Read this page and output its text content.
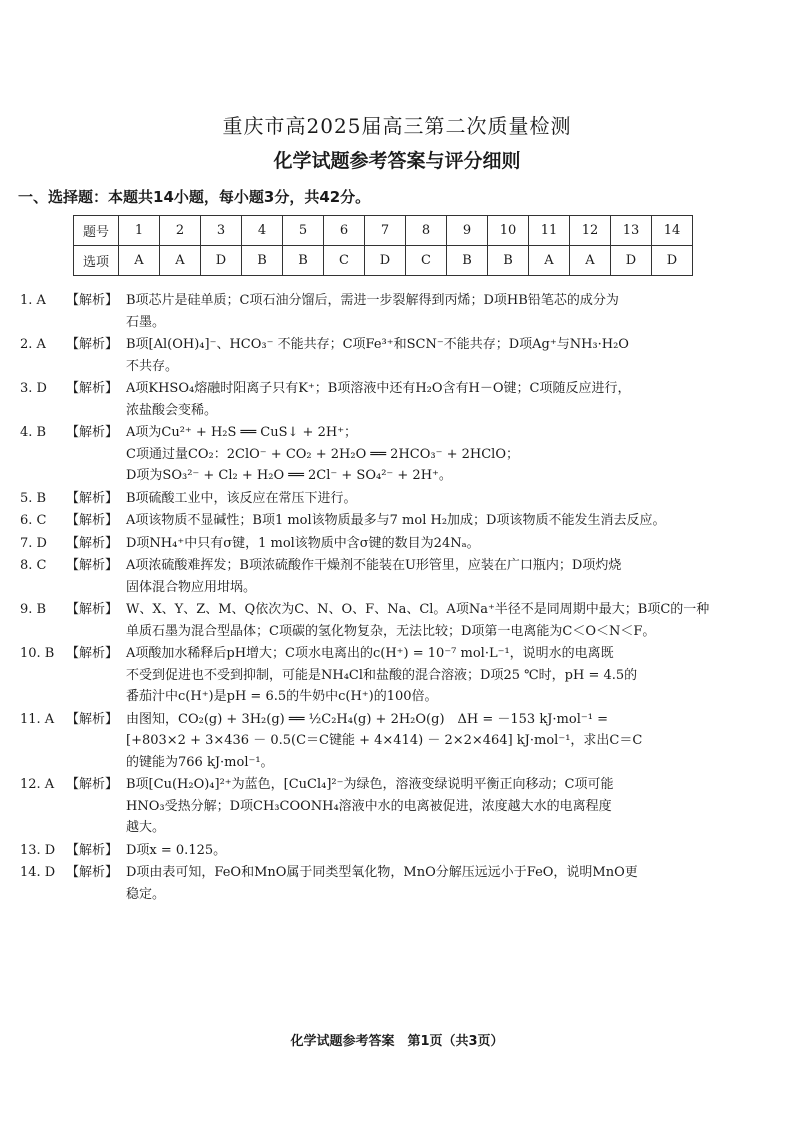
重庆市高2025届高三第二次质量检测
化学试题参考答案与评分细则
一、选择题：本题共14小题，每小题3分，共42分。
题号	1	2	3	4	5	6	7	8	9	10	11	12	13	14
选项	A	A	D	B	B	C	D	C	B	B	A	A	D	D
1. A	【解析】 B项芯片是硅单质；C项石油分馏后，需进一步裂解得到丙烯；D项HB铅笔芯的成分为
石墨。
2. A	【解析】 B项[Al(OH)₄]⁻、HCO₃⁻ 不能共存；C项Fe³⁺和SCN⁻不能共存；D项Ag⁺与NH₃·H₂O
不共存。
3. D	【解析】 A项KHSO₄熔融时阳离子只有K⁺；B项溶液中还有H₂O含有H－O键；C项随反应进行，
浓盐酸会变稀。
4. B	【解析】 A项为Cu²⁺ + H₂S ══ CuS↓ + 2H⁺；
C项通过量CO₂：2ClO⁻ + CO₂ + 2H₂O ══ 2HCO₃⁻ + 2HClO；
D项为SO₃²⁻ + Cl₂ + H₂O ══ 2Cl⁻ + SO₄²⁻ + 2H⁺。
5. B	【解析】 B项硫酸工业中，该反应在常压下进行。
6. C	【解析】 A项该物质不显碱性；B项1 mol该物质最多与7 mol H₂加成；D项该物质不能发生消去反应。
7. D	【解析】 D项NH₄⁺中只有σ键，1 mol该物质中含σ键的数目为24Nₐ。
8. C	【解析】 A项浓硫酸难挥发；B项浓硫酸作干燥剂不能装在U形管里，应装在广口瓶内；D项灼烧
固体混合物应用坩埚。
9. B	【解析】 W、X、Y、Z、M、Q依次为C、N、O、F、Na、Cl。A项Na⁺半径不是同周期中最大；B项C的一种
单质石墨为混合型晶体；C项碳的氢化物复杂，无法比较；D项第一电离能为C＜O＜N＜F。
10. B 【解析】 A项酸加水稀释后pH增大；C项水电离出的c(H⁺) = 10⁻⁷ mol·L⁻¹，说明水的电离既
不受到促进也不受到抑制，可能是NH₄Cl和盐酸的混合溶液；D项25 ℃时，pH = 4.5的
番茄汁中c(H⁺)是pH = 6.5的牛奶中c(H⁺)的100倍。
11. A 【解析】 由图知，CO₂(g) + 3H₂(g) ══ ½C₂H₄(g) + 2H₂O(g)　ΔH = －153 kJ·mol⁻¹ =
[+803×2 + 3×436 － 0.5(C＝C键能 + 4×414) － 2×2×464] kJ·mol⁻¹，求出C＝C
的键能为766 kJ·mol⁻¹。
12. A 【解析】 B项[Cu(H₂O)₄]²⁺为蓝色，[CuCl₄]²⁻为绿色，溶液变绿说明平衡正向移动；C项可能
HNO₃受热分解；D项CH₃COONH₄溶液中水的电离被促进，浓度越大水的电离程度
越大。
13. D 【解析】 D项x = 0.125。
14. D 【解析】 D项由表可知，FeO和MnO属于同类型氧化物，MnO分解压远远小于FeO，说明MnO更
稳定。
化学试题参考答案　第1页（共3页）
